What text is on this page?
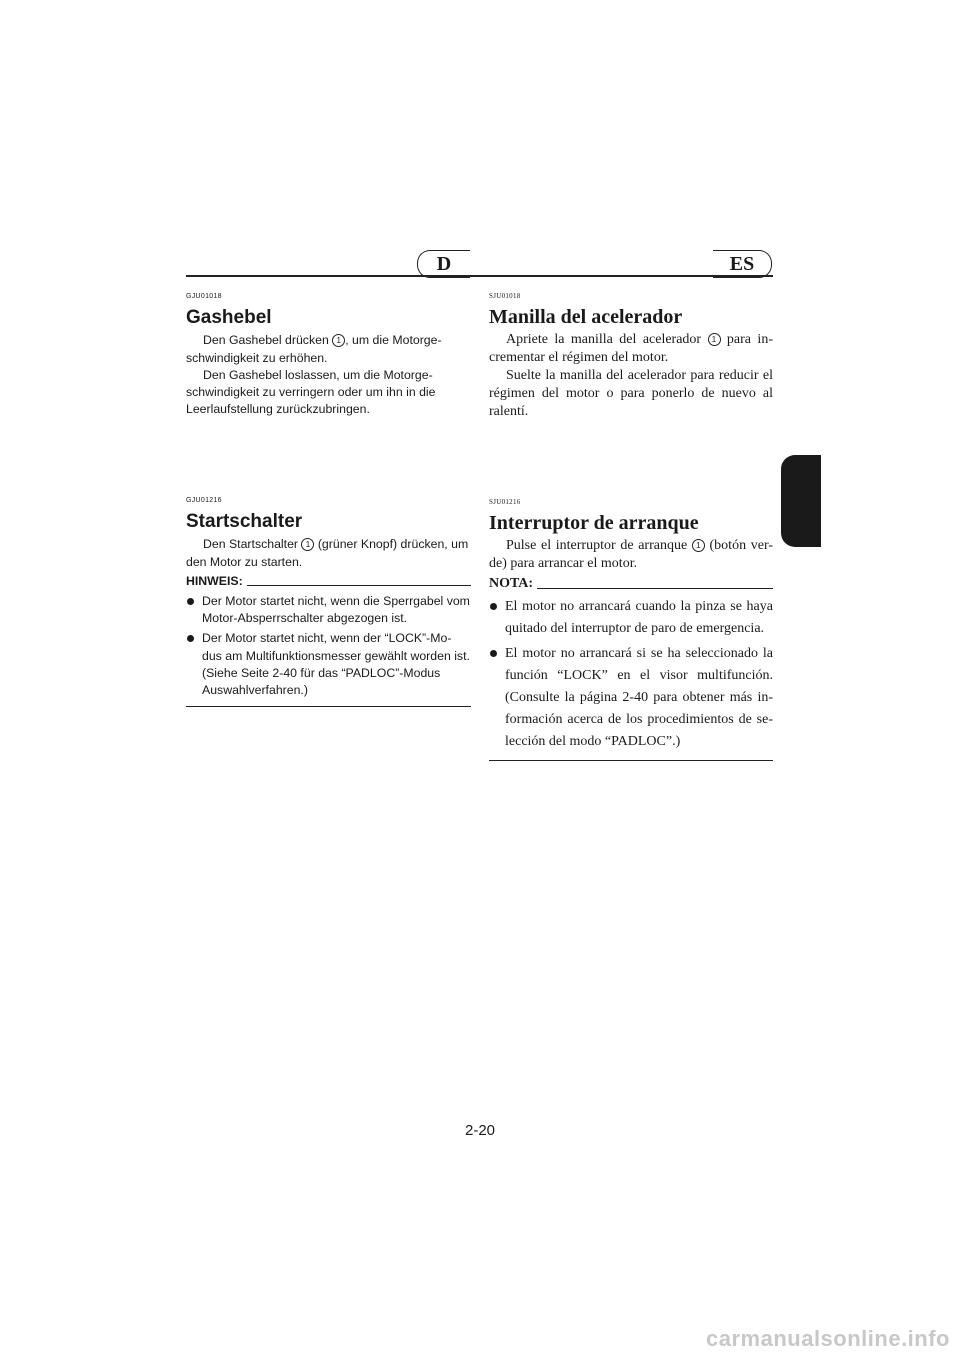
D	ES
GJU01018
Gashebel

Den Gashebel drücken 1 , um die Motorge-schwindigkeit zu erhöhen.

Den Gashebel loslassen, um die Motorge-schwindigkeit zu verringern oder um ihn in die Leerlaufstellung zurückzubringen.

SJU01018
Manilla del acelerador

Apriete la manilla del acelerador 1 para in-crementar el régimen del motor.

Suelte la manilla del acelerador para reducir el régimen del motor o para ponerlo de nuevo al ralentí.

GJU01216
Startschalter

Den Startschalter 1 (grüner Knopf) drücken, um den Motor zu starten.

HINWEIS:
Der Motor startet nicht, wenn die Sperrgabel vom Motor-Absperrschalter abgezogen ist.
Der Motor startet nicht, wenn der “LOCK”-Mo-dus am Multifunktionsmesser gewählt worden ist. (Siehe Seite 2-40 für das “PADLOC”-Modus Auswahlverfahren.)
SJU01216
Interruptor de arranque

Pulse el interruptor de arranque 1 (botón ver-de) para arrancar el motor.

NOTA:
El motor no arrancará cuando la pinza se haya quitado del interruptor de paro de emergencia.
El motor no arrancará si se ha seleccionado la función “LOCK” en el visor multifunción. (Consulte la página 2-40 para obtener más in-formación acerca de los procedimientos de se-lección del modo “PADLOC”.)
2-20
carmanualsonline.info
